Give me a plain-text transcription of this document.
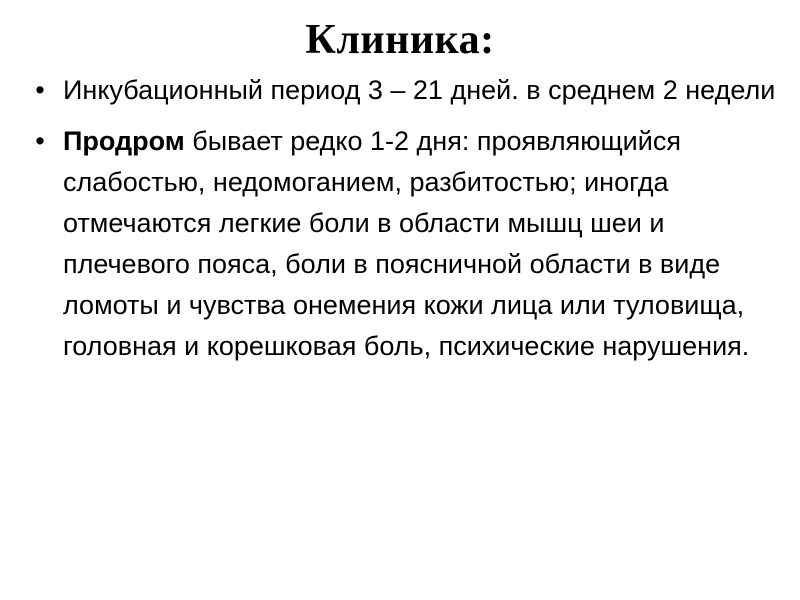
Клиника:
• Инкубационный период 3 – 21 дней. в среднем 2 недели
• Продром бывает редко 1-2 дня: проявляющийся слабостью, недомоганием, разбитостью; иногда отмечаются легкие боли в области мышц шеи и плечевого пояса, боли в поясничной области в виде ломоты и чувства онемения кожи лица или туловища, головная и корешковая боль, психические нарушения.
